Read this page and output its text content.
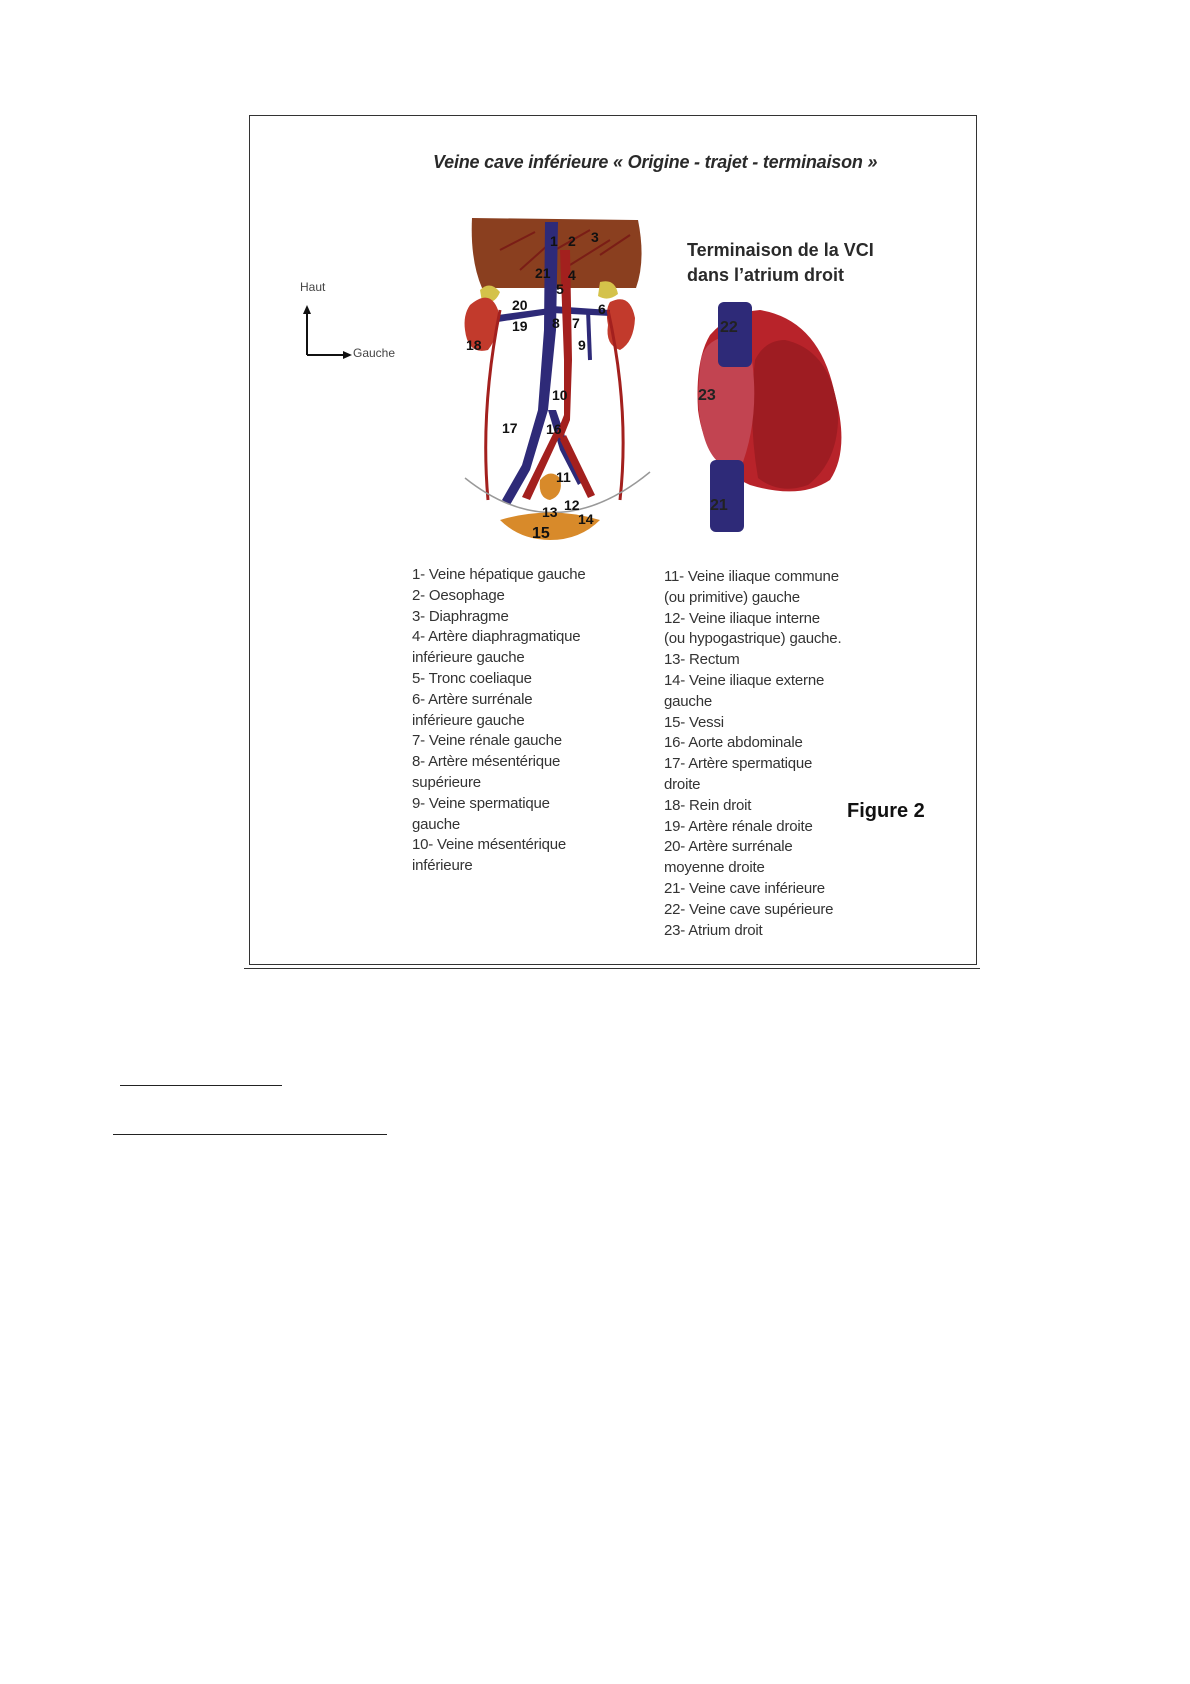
Veine cave inférieure « Origine - trajet - terminaison »
Terminaison de la VCI
dans l’atrium droit
Haut
Gauche
1 2 3
4
5
6
7
8
9
10
11
12
13 14
15
16
17
18
19
20
21
22
23
21
1- Veine hépatique gauche
2- Oesophage
3- Diaphragme
4- Artère diaphragmatique
inférieure gauche
5- Tronc coeliaque
6- Artère surrénale
inférieure gauche
7- Veine rénale gauche
8- Artère mésentérique
supérieure
9- Veine spermatique
gauche
10- Veine mésentérique
inférieure
11- Veine iliaque commune
(ou primitive) gauche
12- Veine iliaque interne
(ou hypogastrique) gauche.
13- Rectum
14- Veine iliaque externe
gauche
15- Vessi
16- Aorte abdominale
17- Artère spermatique
droite
18- Rein droit
19- Artère rénale droite
20- Artère surrénale
moyenne droite
21- Veine cave inférieure
22- Veine cave supérieure
23- Atrium droit
Figure 2
